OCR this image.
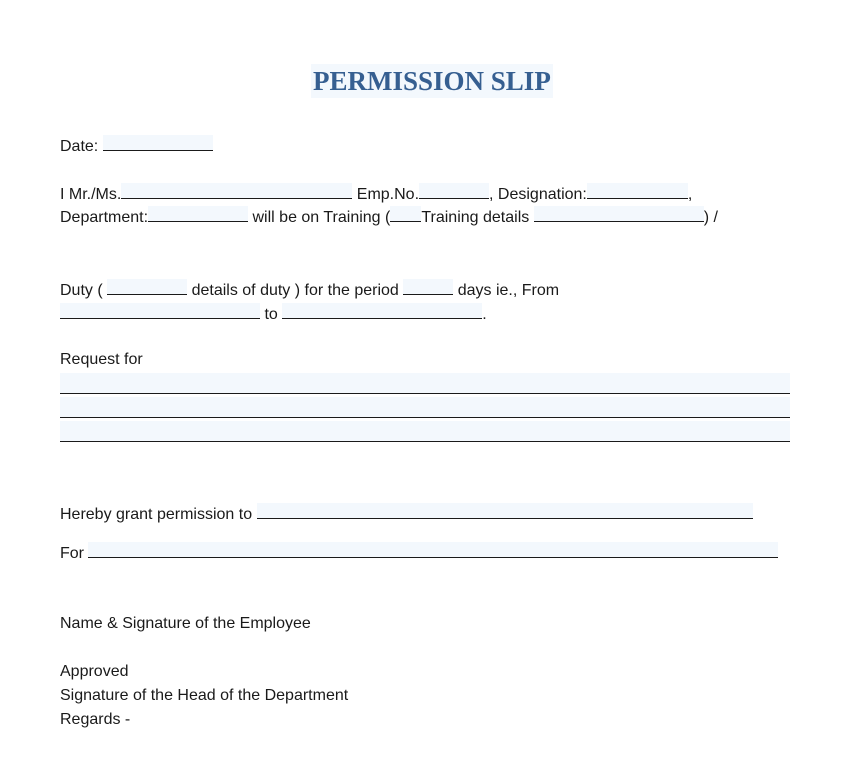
PERMISSION SLIP
Date:
I Mr./Ms.	Emp.No.	, Designation:	,
Department:	will be on Training ( Training details	) /
Duty (	details of duty ) for the period	days ie., From
to	.
Request for
Hereby grant permission to
For
Name & Signature of the Employee
Approved
Signature of the Head of the Department
Regards -
